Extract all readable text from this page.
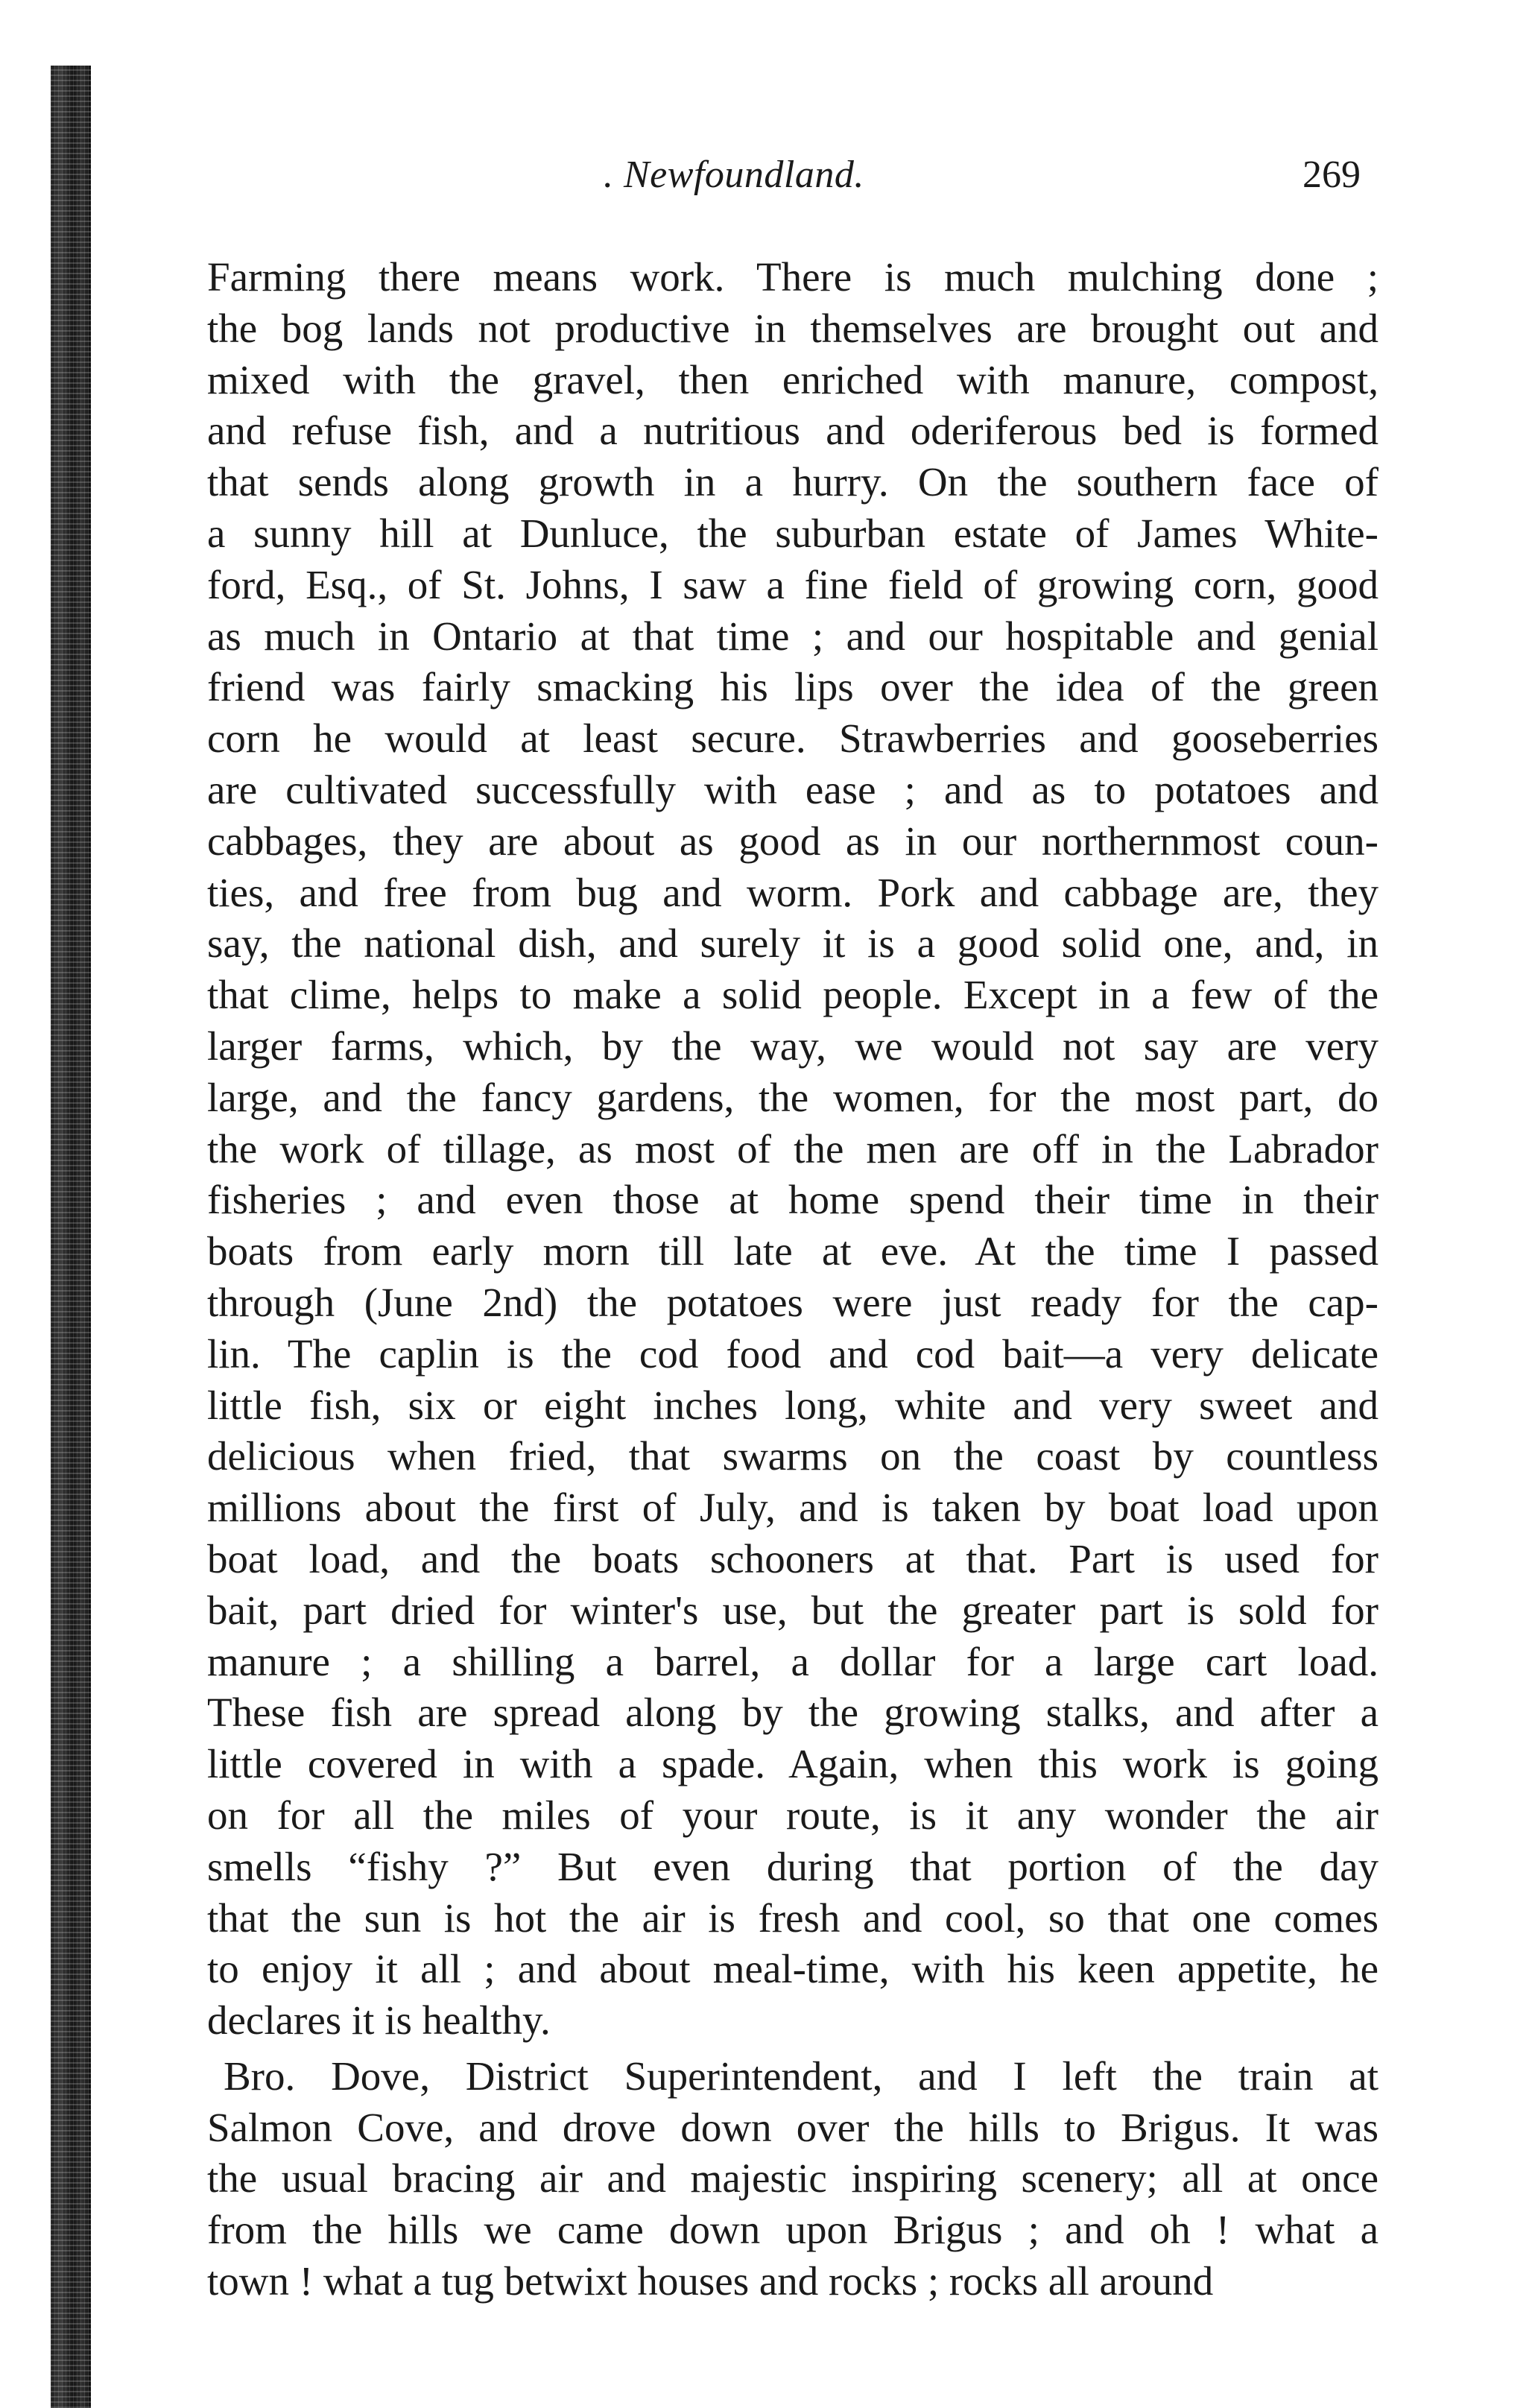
. Newfoundland.	269
Farming there means work. There is much mulching done ;
the bog lands not productive in themselves are brought out and
mixed with the gravel, then enriched with manure, compost,
and refuse fish, and a nutritious and oderiferous bed is formed
that sends along growth in a hurry. On the southern face of
a sunny hill at Dunluce, the suburban estate of James White-
ford, Esq., of St. Johns, I saw a fine field of growing corn, good
as much in Ontario at that time ; and our hospitable and genial
friend was fairly smacking his lips over the idea of the green
corn he would at least secure. Strawberries and gooseberries
are cultivated successfully with ease ; and as to potatoes and
cabbages, they are about as good as in our northernmost coun-
ties, and free from bug and worm. Pork and cabbage are, they
say, the national dish, and surely it is a good solid one, and, in
that clime, helps to make a solid people. Except in a few of the
larger farms, which, by the way, we would not say are very
large, and the fancy gardens, the women, for the most part, do
the work of tillage, as most of the men are off in the Labrador
fisheries ; and even those at home spend their time in their
boats from early morn till late at eve. At the time I passed
through (June 2nd) the potatoes were just ready for the cap-
lin. The caplin is the cod food and cod bait—a very delicate
little fish, six or eight inches long, white and very sweet and
delicious when fried, that swarms on the coast by countless
millions about the first of July, and is taken by boat load upon
boat load, and the boats schooners at that. Part is used for
bait, part dried for winter's use, but the greater part is sold for
manure ; a shilling a barrel, a dollar for a large cart load.
These fish are spread along by the growing stalks, and after a
little covered in with a spade. Again, when this work is going
on for all the miles of your route, is it any wonder the air
smells “fishy ?” But even during that portion of the day
that the sun is hot the air is fresh and cool, so that one comes
to enjoy it all ; and about meal-time, with his keen appetite, he
declares it is healthy.
Bro. Dove, District Superintendent, and I left the train at
Salmon Cove, and drove down over the hills to Brigus. It was
the usual bracing air and majestic inspiring scenery; all at once
from the hills we came down upon Brigus ; and oh ! what a
town ! what a tug betwixt houses and rocks ; rocks all around
